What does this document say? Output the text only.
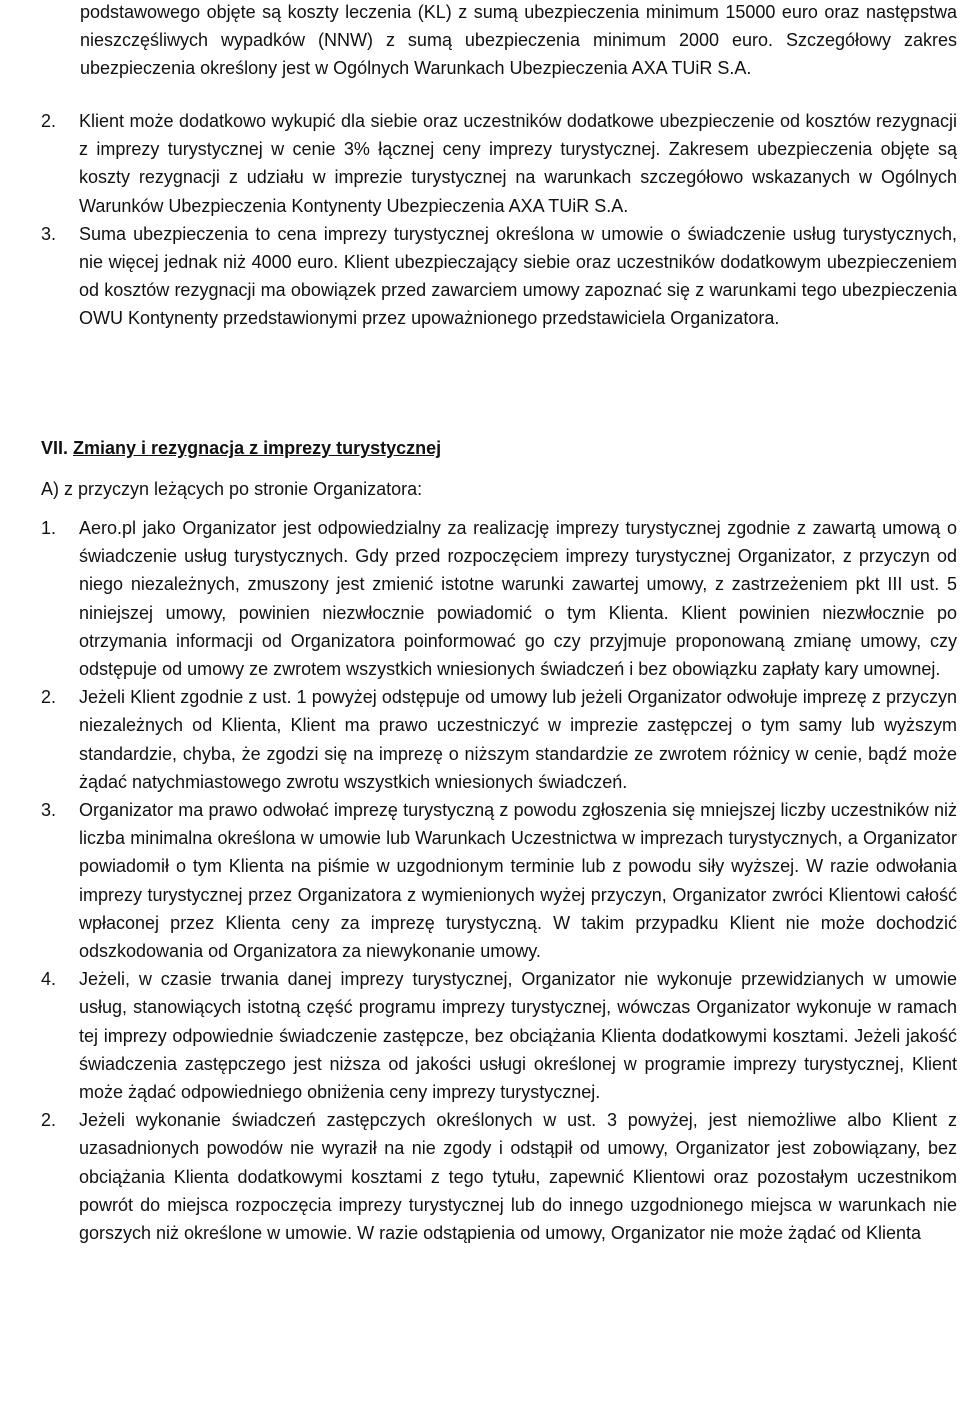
podstawowego objęte są koszty leczenia (KL) z sumą ubezpieczenia minimum 15000 euro oraz następstwa nieszczęśliwych wypadków (NNW) z sumą ubezpieczenia minimum 2000 euro. Szczegółowy zakres ubezpieczenia określony jest w Ogólnych Warunkach Ubezpieczenia AXA TUiR S.A.

2.	Klient może dodatkowo wykupić dla siebie oraz uczestników dodatkowe ubezpieczenie od kosztów rezygnacji z imprezy turystycznej w cenie 3% łącznej ceny imprezy turystycznej. Zakresem ubezpieczenia objęte są koszty rezygnacji z udziału w imprezie turystycznej na warunkach szczegółowo wskazanych w Ogólnych Warunków Ubezpieczenia Kontynenty Ubezpieczenia AXA TUiR S.A.

3.	Suma ubezpieczenia to cena imprezy turystycznej określona w umowie o świadczenie usług turystycznych, nie więcej jednak niż 4000 euro. Klient ubezpieczający siebie oraz uczestników dodatkowym ubezpieczeniem od kosztów rezygnacji ma obowiązek przed zawarciem umowy zapoznać się z warunkami tego ubezpieczenia OWU Kontynenty przedstawionymi przez upoważnionego przedstawiciela Organizatora.

VII. Zmiany i rezygnacja z imprezy turystycznej

A) z przyczyn leżących po stronie Organizatora:

1.	Aero.pl jako Organizator jest odpowiedzialny za realizację imprezy turystycznej zgodnie z zawartą umową o świadczenie usług turystycznych. Gdy przed rozpoczęciem imprezy turystycznej Organizator, z przyczyn od niego niezależnych, zmuszony jest zmienić istotne warunki zawartej umowy, z zastrzeżeniem pkt III ust. 5 niniejszej umowy, powinien niezwłocznie powiadomić o tym Klienta. Klient powinien niezwłocznie po otrzymania informacji od Organizatora poinformować go czy przyjmuje proponowaną zmianę umowy, czy odstępuje od umowy ze zwrotem wszystkich wniesionych świadczeń i bez obowiązku zapłaty kary umownej.

2.	Jeżeli Klient zgodnie z ust. 1 powyżej odstępuje od umowy lub jeżeli Organizator odwołuje imprezę z przyczyn niezależnych od Klienta, Klient ma prawo uczestniczyć w imprezie zastępczej o tym samy lub wyższym standardzie, chyba, że zgodzi się na imprezę o niższym standardzie ze zwrotem różnicy w cenie, bądź może żądać natychmiastowego zwrotu wszystkich wniesionych świadczeń.

3.	Organizator ma prawo odwołać imprezę turystyczną z powodu zgłoszenia się mniejszej liczby uczestników niż liczba minimalna określona w umowie lub Warunkach Uczestnictwa w imprezach turystycznych, a Organizator powiadomił o tym Klienta na piśmie w uzgodnionym terminie lub z powodu siły wyższej. W razie odwołania imprezy turystycznej przez Organizatora z wymienionych wyżej przyczyn, Organizator zwróci Klientowi całość wpłaconej przez Klienta ceny za imprezę turystyczną. W takim przypadku Klient nie może dochodzić odszkodowania od Organizatora za niewykonanie umowy.

4.	Jeżeli, w czasie trwania danej imprezy turystycznej, Organizator nie wykonuje przewidzianych w umowie usług, stanowiących istotną część programu imprezy turystycznej, wówczas Organizator wykonuje w ramach tej imprezy odpowiednie świadczenie zastępcze, bez obciążania Klienta dodatkowymi kosztami. Jeżeli jakość świadczenia zastępczego jest niższa od jakości usługi określonej w programie imprezy turystycznej, Klient może żądać odpowiedniego obniżenia ceny imprezy turystycznej.

2.	Jeżeli wykonanie świadczeń zastępczych określonych w ust. 3 powyżej, jest niemożliwe albo Klient z uzasadnionych powodów nie wyraził na nie zgody i odstąpił od umowy, Organizator jest zobowiązany, bez obciążania Klienta dodatkowymi kosztami z tego tytułu, zapewnić Klientowi oraz pozostałym uczestnikom powrót do miejsca rozpoczęcia imprezy turystycznej lub do innego uzgodnionego miejsca w warunkach nie gorszych niż określone w umowie. W razie odstąpienia od umowy, Organizator nie może żądać od Klienta
